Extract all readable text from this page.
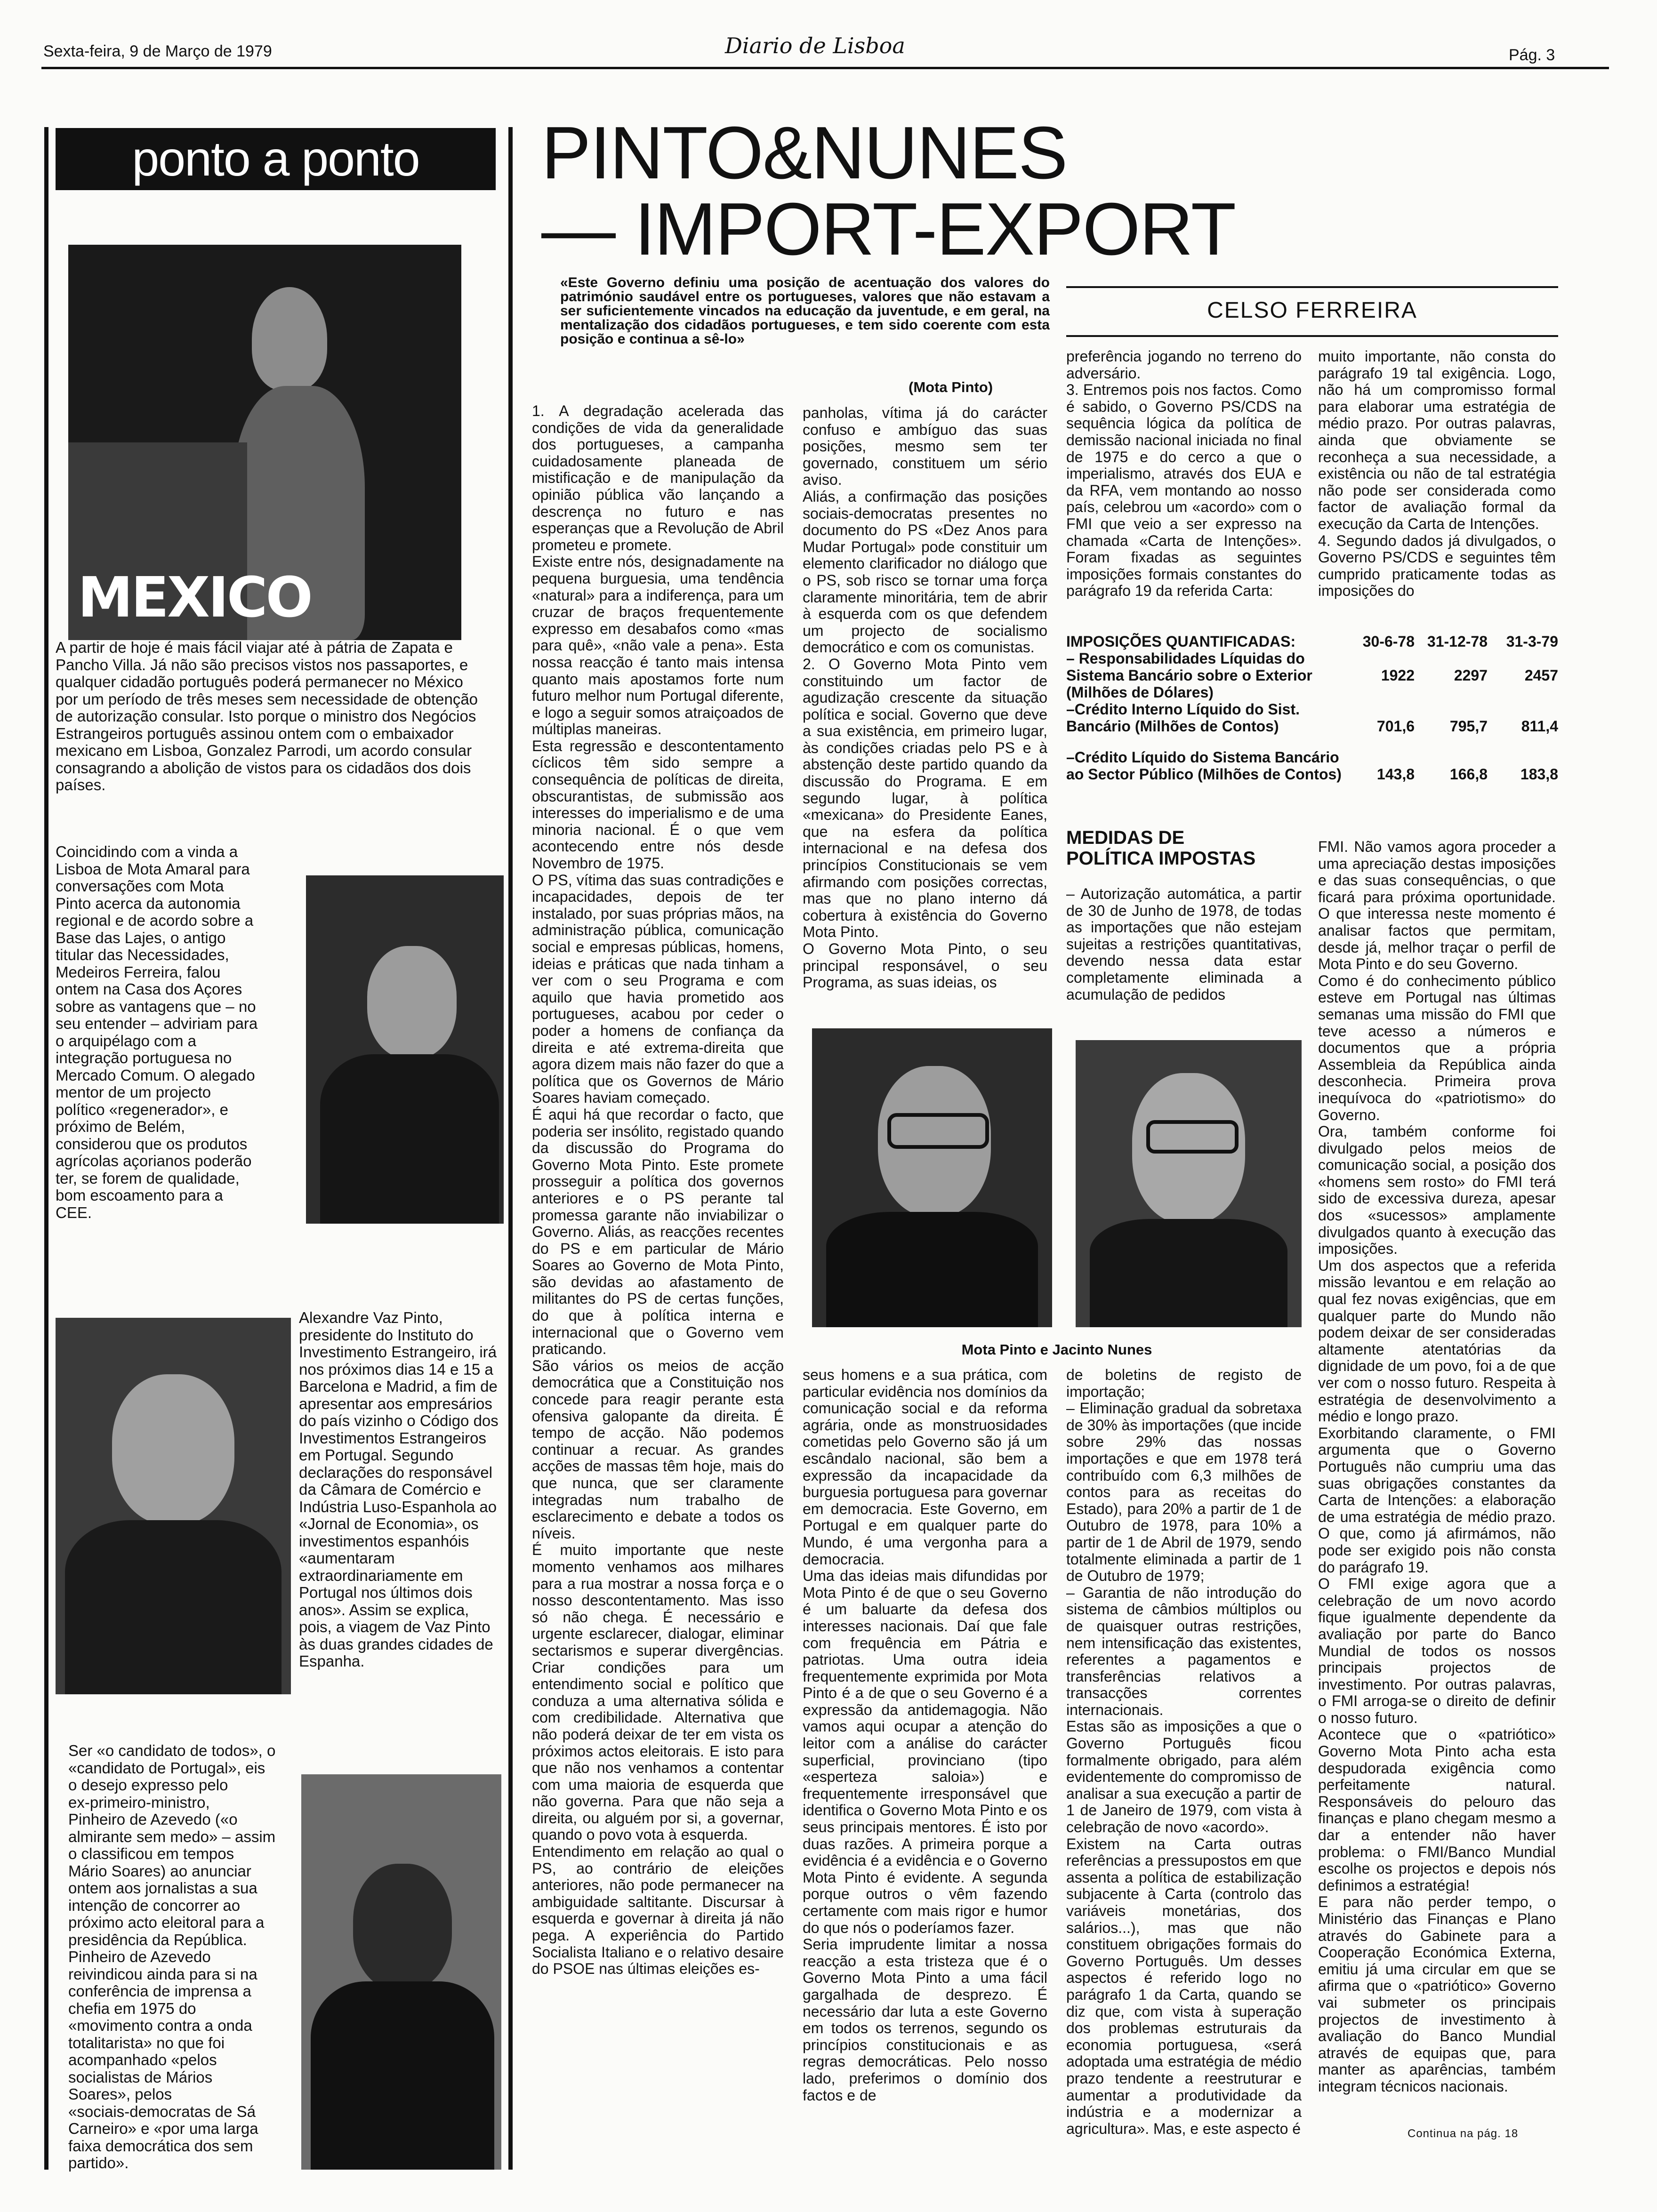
Sexta-feira, 9 de Março de 1979	Diario de Lisboa	Pág. 3
ponto a ponto
MEXICO
A partir de hoje é mais fácil viajar até à pátria de Zapata e Pancho Villa. Já não são precisos vistos nos passaportes, e qualquer cidadão português poderá permanecer no México por um período de três meses sem necessidade de obtenção de autorização consular. Isto porque o ministro dos Negócios Estrangeiros português assinou ontem com o embaixador mexicano em Lisboa, Gonzalez Parrodi, um acordo consular consagrando a abolição de vistos para os cidadãos dos dois países.
Coincidindo com a vinda a
Lisboa de Mota Amaral para
conversações com Mota
Pinto acerca da autonomia
regional e de acordo sobre a
Base das Lajes, o antigo
titular das Necessidades,
Medeiros Ferreira, falou
ontem na Casa dos Açores
sobre as vantagens que – no
seu entender – adviriam para
o arquipélago com a
integração portuguesa no
Mercado Comum. O alegado
mentor de um projecto
político «regenerador», e
próximo de Belém,
considerou que os produtos
agrícolas açorianos poderão
ter, se forem de qualidade,
bom escoamento para a
CEE.
Alexandre Vaz Pinto,
presidente do Instituto do
Investimento Estrangeiro, irá
nos próximos dias 14 e 15 a
Barcelona e Madrid, a fim de
apresentar aos empresários
do país vizinho o Código dos
Investimentos Estrangeiros
em Portugal. Segundo
declarações do responsável
da Câmara de Comércio e
Indústria Luso-Espanhola ao
«Jornal de Economia», os
investimentos espanhóis
«aumentaram
extraordinariamente em
Portugal nos últimos dois
anos». Assim se explica,
pois, a viagem de Vaz Pinto
às duas grandes cidades de
Espanha.
Ser «o candidato de todos», o
«candidato de Portugal», eis
o desejo expresso pelo
ex-primeiro-ministro,
Pinheiro de Azevedo («o
almirante sem medo» – assim
o classificou em tempos
Mário Soares) ao anunciar
ontem aos jornalistas a sua
intenção de concorrer ao
próximo acto eleitoral para a
presidência da República.
Pinheiro de Azevedo
reivindicou ainda para si na
conferência de imprensa a
chefia em 1975 do
«movimento contra a onda
totalitarista» no que foi
acompanhado «pelos
socialistas de Mários
Soares», pelos
«sociais-democratas de Sá
Carneiro» e «por uma larga
faixa democrática dos sem
partido».
PINTO&NUNES
— IMPORT-EXPORT
«Este Governo definiu uma posição de acentuação dos valores do património saudável entre os portugueses, valores que não estavam a ser suficientemente vincados na educação da juventude, e em geral, na mentalização dos cidadãos portugueses, e tem sido coerente com esta posição e continua a sê-lo»
(Mota Pinto)
CELSO FERREIRA
1. A degradação acelerada das condições de vida da generalidade dos portugueses, a campanha cuidadosamente planeada de mistificação e de manipulação da opinião pública vão lançando a descrença no futuro e nas esperanças que a Revolução de Abril prometeu e promete.
Existe entre nós, designadamente na pequena burguesia, uma tendência «natural» para a indiferença, para um cruzar de braços frequentemente expresso em desabafos como «mas para quê», «não vale a pena». Esta nossa reacção é tanto mais intensa quanto mais apostamos forte num futuro melhor num Portugal diferente, e logo a seguir somos atraiçoados de múltiplas maneiras.
Esta regressão e descontentamento cíclicos têm sido sempre a consequência de políticas de direita, obscurantistas, de submissão aos interesses do imperialismo e de uma minoria nacional. É o que vem acontecendo entre nós desde Novembro de 1975.
O PS, vítima das suas contradições e incapacidades, depois de ter instalado, por suas próprias mãos, na administração pública, comunicação social e empresas públicas, homens, ideias e práticas que nada tinham a ver com o seu Programa e com aquilo que havia prometido aos portugueses, acabou por ceder o poder a homens de confiança da direita e até extrema-direita que agora dizem mais não fazer do que a política que os Governos de Mário Soares haviam começado.
É aqui há que recordar o facto, que poderia ser insólito, registado quando da discussão do Programa do Governo Mota Pinto. Este promete prosseguir a política dos governos anteriores e o PS perante tal promessa garante não inviabilizar o Governo. Aliás, as reacções recentes do PS e em particular de Mário Soares ao Governo de Mota Pinto, são devidas ao afastamento de militantes do PS de certas funções, do que à política interna e internacional que o Governo vem praticando.
São vários os meios de acção democrática que a Constituição nos concede para reagir perante esta ofensiva galopante da direita. É tempo de acção. Não podemos continuar a recuar. As grandes acções de massas têm hoje, mais do que nunca, que ser claramente integradas num trabalho de esclarecimento e debate a todos os níveis.
É muito importante que neste momento venhamos aos milhares para a rua mostrar a nossa força e o nosso descontentamento. Mas isso só não chega. É necessário e urgente esclarecer, dialogar, eliminar sectarismos e superar divergências. Criar condições para um entendimento social e político que conduza a uma alternativa sólida e com credibilidade. Alternativa que não poderá deixar de ter em vista os próximos actos eleitorais. E isto para que não nos venhamos a contentar com uma maioria de esquerda que não governa. Para que não seja a direita, ou alguém por si, a governar, quando o povo vota à esquerda.
Entendimento em relação ao qual o PS, ao contrário de eleições anteriores, não pode permanecer na ambiguidade saltitante. Discursar à esquerda e governar à direita já não pega. A experiência do Partido Socialista Italiano e o relativo desaire do PSOE nas últimas eleições es-
panholas, vítima já do carácter confuso e ambíguo das suas posições, mesmo sem ter governado, constituem um sério aviso.
Aliás, a confirmação das posições sociais-democratas presentes no documento do PS «Dez Anos para Mudar Portugal» pode constituir um elemento clarificador no diálogo que o PS, sob risco se tornar uma força claramente minoritária, tem de abrir à esquerda com os que defendem um projecto de socialismo democrático e com os comunistas.
2. O Governo Mota Pinto vem constituindo um factor de agudização crescente da situação política e social. Governo que deve a sua existência, em primeiro lugar, às condições criadas pelo PS e à abstenção deste partido quando da discussão do Programa. E em segundo lugar, à política «mexicana» do Presidente Eanes, que na esfera da política internacional e na defesa dos princípios Constitucionais se vem afirmando com posições correctas, mas que no plano interno dá cobertura à existência do Governo Mota Pinto.
O Governo Mota Pinto, o seu principal responsável, o seu Programa, as suas ideias, os
preferência jogando no terreno do adversário.
3. Entremos pois nos factos. Como é sabido, o Governo PS/CDS na sequência lógica da política de demissão nacional iniciada no final de 1975 e do cerco a que o imperialismo, através dos EUA e da RFA, vem montando ao nosso país, celebrou um «acordo» com o FMI que veio a ser expresso na chamada «Carta de Intenções». Foram fixadas as seguintes imposições formais constantes do parágrafo 19 da referida Carta:
muito importante, não consta do parágrafo 19 tal exigência. Logo, não há um compromisso formal para elaborar uma estratégia de médio prazo. Por outras palavras, ainda que obviamente se reconheça a sua necessidade, a existência ou não de tal estratégia não pode ser considerada como factor de avaliação formal da execução da Carta de Intenções.
4. Segundo dados já divulgados, o Governo PS/CDS e seguintes têm cumprido praticamente todas as imposições do
IMPOSIÇÕES QUANTIFICADAS:	30-6-78	31-12-78	31-3-79
– Responsabilidades Líquidas do Sistema Bancário sobre o Exterior (Milhões de Dólares)	1922	2297	2457
–Crédito Interno Líquido do Sist. Bancário (Milhões de Contos)	701,6	795,7	811,4
–Crédito Líquido do Sistema Bancário ao Sector Público (Milhões de Contos)	143,8	166,8	183,8
MEDIDAS DE
POLÍTICA IMPOSTAS
– Autorização automática, a partir de 30 de Junho de 1978, de todas as importações que não estejam sujeitas a restrições quantitativas, devendo nessa data estar completamente eliminada a acumulação de pedidos
FMI. Não vamos agora proceder a uma apreciação destas imposições e das suas consequências, o que ficará para próxima oportunidade. O que interessa neste momento é analisar factos que permitam, desde já, melhor traçar o perfil de Mota Pinto e do seu Governo.
Como é do conhecimento público esteve em Portugal nas últimas semanas uma missão do FMI que teve acesso a números e documentos que a própria Assembleia da República ainda desconhecia. Primeira prova inequívoca do «patriotismo» do Governo.
Ora, também conforme foi divulgado pelos meios de comunicação social, a posição dos «homens sem rosto» do FMI terá sido de excessiva dureza, apesar dos «sucessos» amplamente divulgados quanto à execução das imposições.
Um dos aspectos que a referida missão levantou e em relação ao qual fez novas exigências, que em qualquer parte do Mundo não podem deixar de ser consideradas altamente atentatórias da dignidade de um povo, foi a de que ver com o nosso futuro. Respeita à estratégia de desenvolvimento a médio e longo prazo.
Exorbitando claramente, o FMI argumenta que o Governo Português não cumpriu uma das suas obrigações constantes da Carta de Intenções: a elaboração de uma estratégia de médio prazo. O que, como já afirmámos, não pode ser exigido pois não consta do parágrafo 19.
O FMI exige agora que a celebração de um novo acordo fique igualmente dependente da avaliação por parte do Banco Mundial de todos os nossos principais projectos de investimento. Por outras palavras, o FMI arroga-se o direito de definir o nosso futuro.
Acontece que o «patriótico» Governo Mota Pinto acha esta despudorada exigência como perfeitamente natural. Responsáveis do pelouro das finanças e plano chegam mesmo a dar a entender não haver problema: o FMI/Banco Mundial escolhe os projectos e depois nós definimos a estratégia!
E para não perder tempo, o Ministério das Finanças e Plano através do Gabinete para a Cooperação Económica Externa, emitiu já uma circular em que se afirma que o «patriótico» Governo vai submeter os principais projectos de investimento à avaliação do Banco Mundial através de equipas que, para manter as aparências, também integram técnicos nacionais.
Mota Pinto e Jacinto Nunes
seus homens e a sua prática, com particular evidência nos domínios da comunicação social e da reforma agrária, onde as monstruosidades cometidas pelo Governo são já um escândalo nacional, são bem a expressão da incapacidade da burguesia portuguesa para governar em democracia. Este Governo, em Portugal e em qualquer parte do Mundo, é uma vergonha para a democracia.
Uma das ideias mais difundidas por Mota Pinto é de que o seu Governo é um baluarte da defesa dos interesses nacionais. Daí que fale com frequência em Pátria e patriotas. Uma outra ideia frequentemente exprimida por Mota Pinto é a de que o seu Governo é a expressão da antidemagogia. Não vamos aqui ocupar a atenção do leitor com a análise do carácter superficial, provinciano (tipo «esperteza saloia») e frequentemente irresponsável que identifica o Governo Mota Pinto e os seus principais mentores. É isto por duas razões. A primeira porque a evidência é a evidência e o Governo Mota Pinto é evidente. A segunda porque outros o vêm fazendo certamente com mais rigor e humor do que nós o poderíamos fazer.
Seria imprudente limitar a nossa reacção a esta tristeza que é o Governo Mota Pinto a uma fácil gargalhada de desprezo. É necessário dar luta a este Governo em todos os terrenos, segundo os princípios constitucionais e as regras democráticas. Pelo nosso lado, preferimos o domínio dos factos e de
de boletins de registo de importação;
– Eliminação gradual da sobretaxa de 30% às importações (que incide sobre 29% das nossas importações e que em 1978 terá contribuído com 6,3 milhões de contos para as receitas do Estado), para 20% a partir de 1 de Outubro de 1978, para 10% a partir de 1 de Abril de 1979, sendo totalmente eliminada a partir de 1 de Outubro de 1979;
– Garantia de não introdução do sistema de câmbios múltiplos ou de quaisquer outras restrições, nem intensificação das existentes, referentes a pagamentos e transferências relativos a transacções correntes internacionais.
Estas são as imposições a que o Governo Português ficou formalmente obrigado, para além evidentemente do compromisso de analisar a sua execução a partir de 1 de Janeiro de 1979, com vista à celebração de novo «acordo».
Existem na Carta outras referências a pressupostos em que assenta a política de estabilização subjacente à Carta (controlo das variáveis monetárias, dos salários...), mas que não constituem obrigações formais do Governo Português. Um desses aspectos é referido logo no parágrafo 1 da Carta, quando se diz que, com vista à superação dos problemas estruturais da economia portuguesa, «será adoptada uma estratégia de médio prazo tendente a reestruturar e aumentar a produtividade da indústria e a modernizar a agricultura». Mas, e este aspecto é	Continua na pág. 18
